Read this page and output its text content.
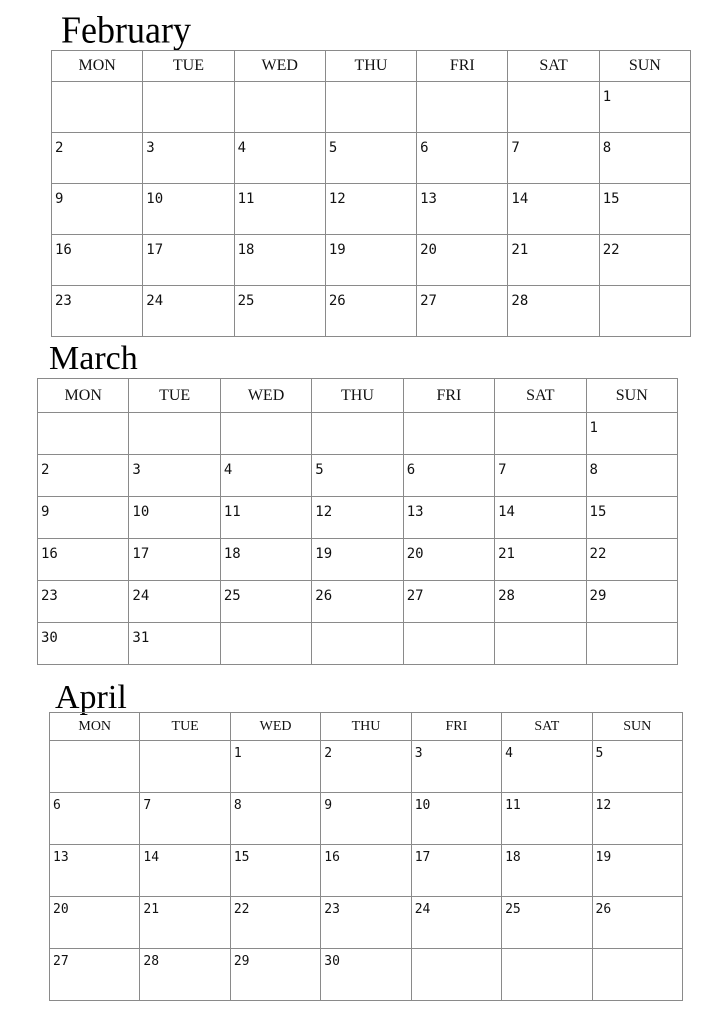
February
MON	TUE	WED	THU	FRI	SAT	SUN

						1

2	3	4	5	6	7	8

9	10	11	12	13	14	15

16	17	18	19	20	21	22

23	24	25	26	27	28	

March
MON	TUE	WED	THU	FRI	SAT	SUN

						1

2	3	4	5	6	7	8

9	10	11	12	13	14	15

16	17	18	19	20	21	22

23	24	25	26	27	28	29

30	31					

April
MON	TUE	WED	THU	FRI	SAT	SUN

		1	2	3	4	5

6	7	8	9	10	11	12

13	14	15	16	17	18	19

20	21	22	23	24	25	26

27	28	29	30			
